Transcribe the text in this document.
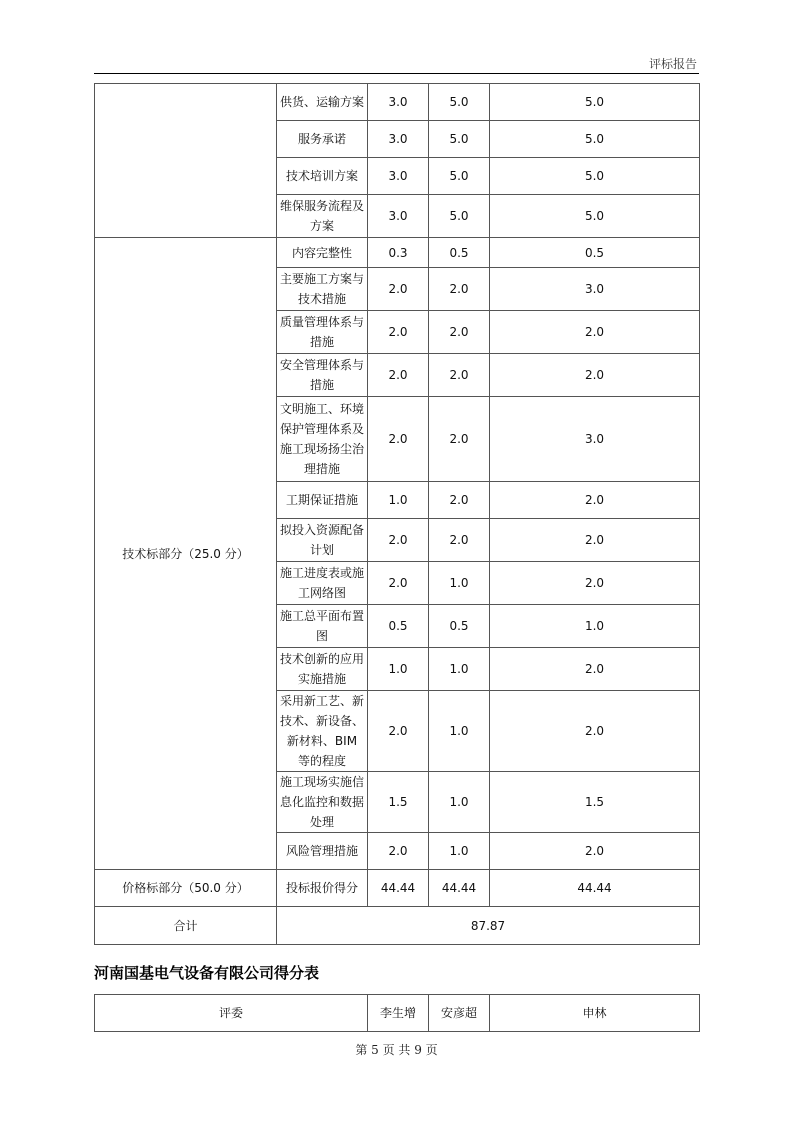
评标报告
	供货、运输方案	3.0	5.0	5.0
	服务承诺	3.0	5.0	5.0
	技术培训方案	3.0	5.0	5.0
	维保服务流程及方案	3.0	5.0	5.0
技术标部分（25.0 分）	内容完整性	0.3	0.5	0.5
	主要施工方案与技术措施	2.0	2.0	3.0
	质量管理体系与措施	2.0	2.0	2.0
	安全管理体系与措施	2.0	2.0	2.0
	文明施工、环境保护管理体系及施工现场扬尘治理措施	2.0	2.0	3.0
	工期保证措施	1.0	2.0	2.0
	拟投入资源配备计划	2.0	2.0	2.0
	施工进度表或施工网络图	2.0	1.0	2.0
	施工总平面布置图	0.5	0.5	1.0
	技术创新的应用实施措施	1.0	1.0	2.0
	采用新工艺、新技术、新设备、新材料、BIM 等的程度	2.0	1.0	2.0
	施工现场实施信息化监控和数据处理	1.5	1.0	1.5
	风险管理措施	2.0	1.0	2.0
价格标部分（50.0 分）	投标报价得分	44.44	44.44	44.44
合计	87.87			
河南国基电气设备有限公司得分表
评委	李生增	安彦超	申林
第 5 页 共 9 页
